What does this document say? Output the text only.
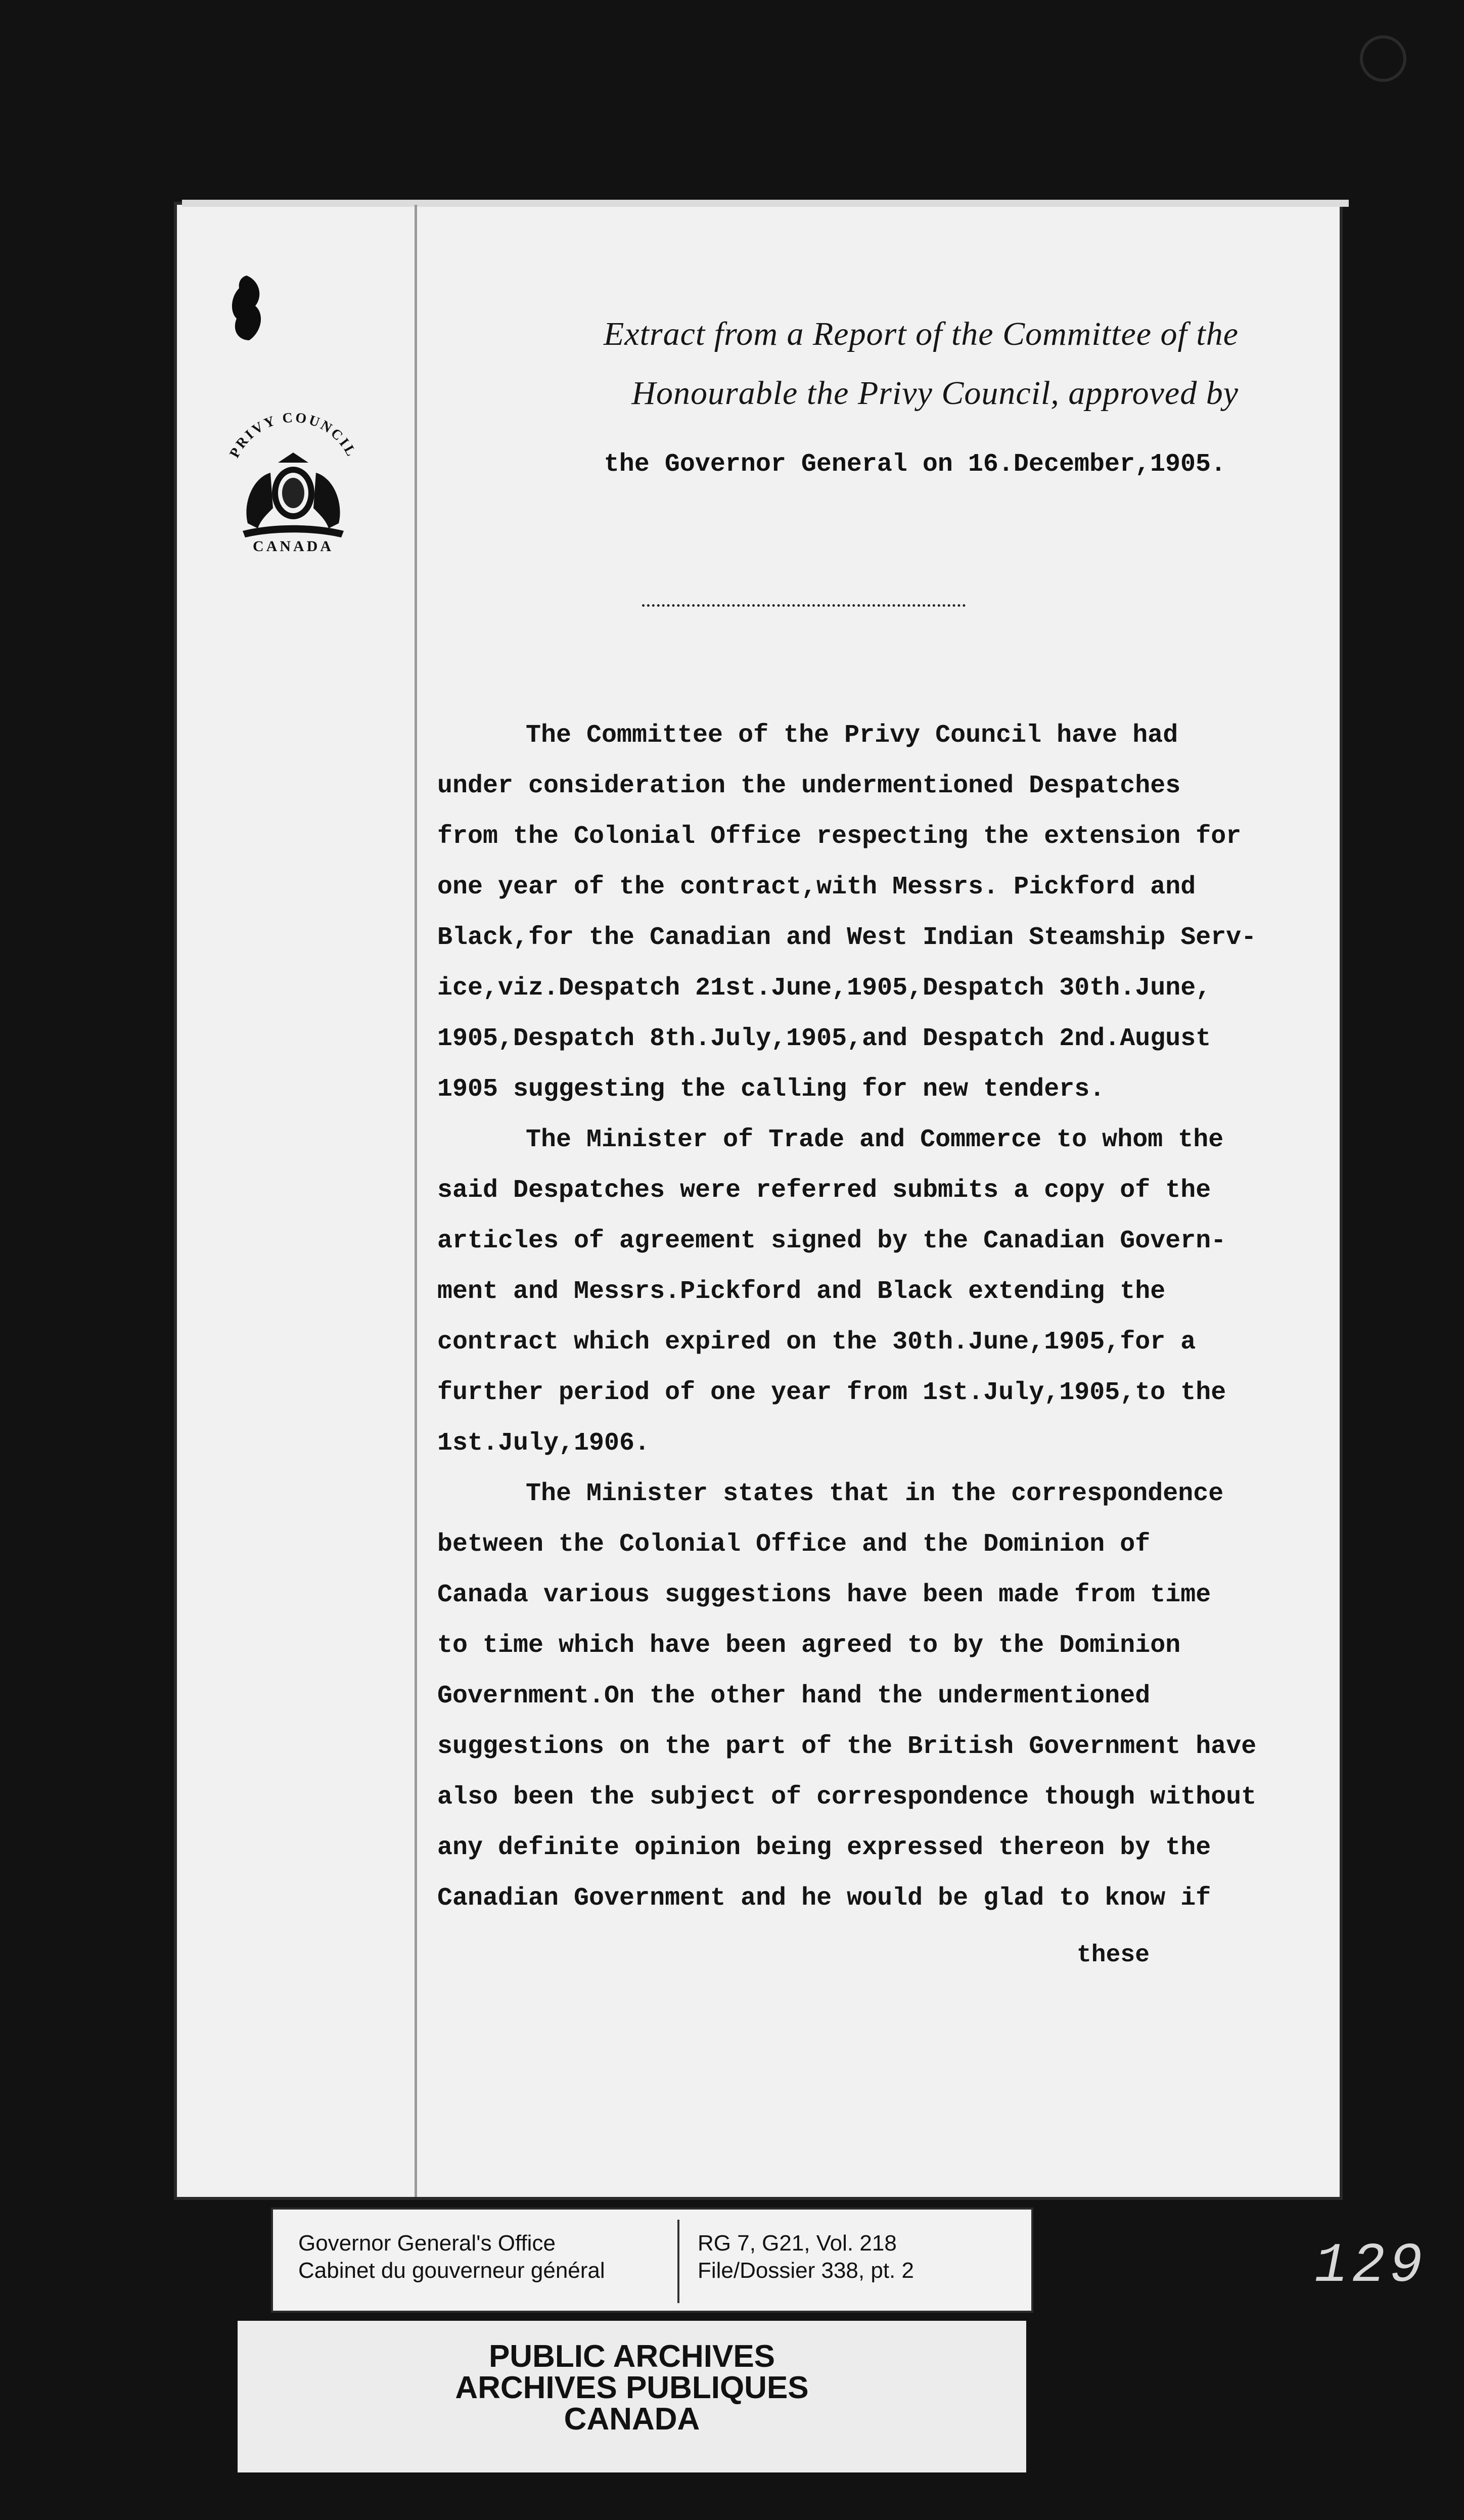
PRIVY COUNCIL
CANADA
Extract from a Report of the Committee of the
Honourable the Privy Council, approved by
the Governor General on 16.December,1905.

The Committee of the Privy Council have had
under consideration the undermentioned Despatches
from the Colonial Office respecting the extension for
one year of the contract,with Messrs. Pickford and
Black,for the Canadian and West Indian Steamship Serv-
ice,viz.Despatch 21st.June,1905,Despatch 30th.June,
1905,Despatch 8th.July,1905,and Despatch 2nd.August
1905 suggesting the calling for new tenders.

The Minister of Trade and Commerce to whom the
said Despatches were referred submits a copy of the
articles of agreement signed by the Canadian Govern-
ment and Messrs.Pickford and Black extending the
contract which expired on the 30th.June,1905,for a
further period of one year from 1st.July,1905,to the
1st.July,1906.

The Minister states that in the correspondence
between the Colonial Office and the Dominion of
Canada various suggestions have been made from time
to time which have been agreed to by the Dominion
Government.On the other hand the undermentioned
suggestions on the part of the British Government have
also been the subject of correspondence though without
any definite opinion being expressed thereon by the
Canadian Government and he would be glad to know if

these
Governor General's Office
Cabinet du gouverneur général
RG 7, G21, Vol. 218
File/Dossier 338, pt. 2
PUBLIC ARCHIVES
ARCHIVES PUBLIQUES
CANADA
129
